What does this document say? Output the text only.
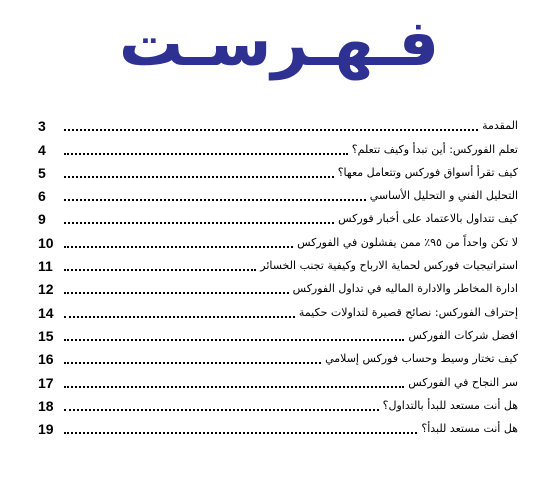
فـهـرسـت
3	المقدمة
4	تعلم الفوركس: أين تبدأ وكيف تتعلم؟
5	كيف تقرأ أسواق فوركس وتتعامل معها؟
6	التحليل الفني و التحليل الأساسي
9	كيف تتداول بالاعتماد على أخبار فوركس
10	لا تكن واحداً من ٩٥٪ ممن يفشلون في الفوركس
11	استراتيجيات فوركس لحماية الارباح وكيفية تجنب الخسائر
12	ادارة المخاطر والادارة الماليه في تداول الفوركس
14	إحتراف الفوركس: نصائح قصيرة لتداولات حكيمة
15	افضل شركات الفوركس
16	كيف تختار وسيط وحساب فوركس إسلامي
17	سر النجاح في الفوركس
18	هل أنت مستعد للبدأ بالتداول؟
19	هل أنت مستعد للبدأ؟
